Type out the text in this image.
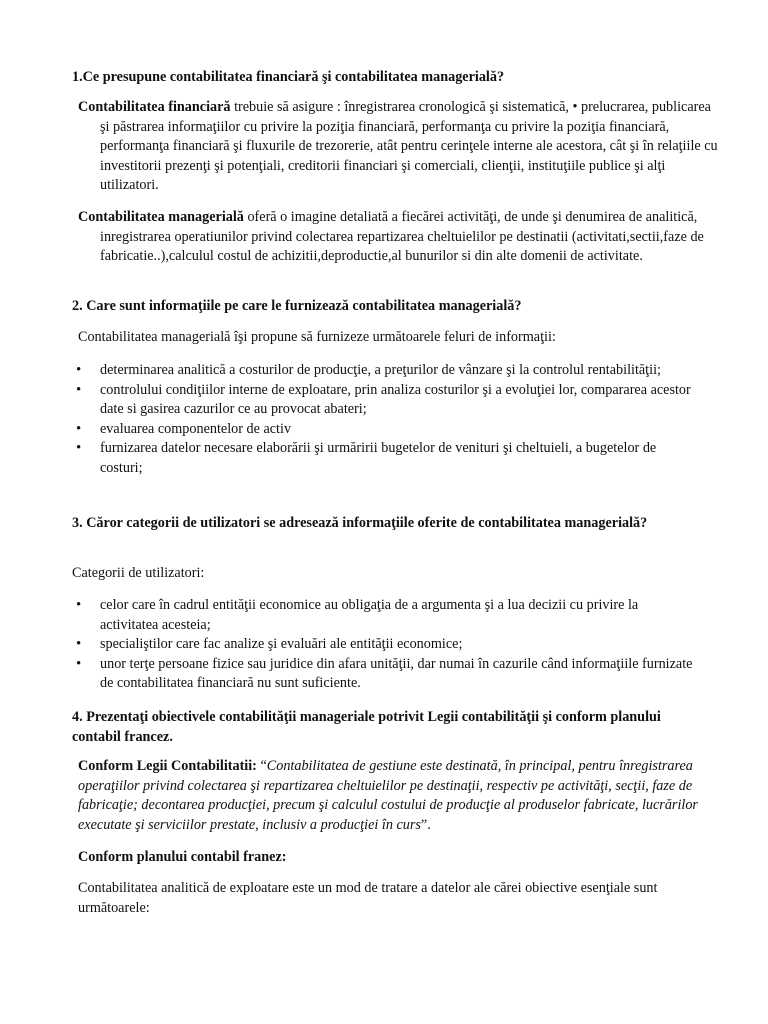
1.Ce presupune contabilitatea financiară şi contabilitatea managerială?
Contabilitatea financiară trebuie să asigure : înregistrarea cronologică şi sistematică, • prelucrarea, publicarea şi păstrarea informaţiilor cu privire la poziţia financiară, performanţa cu privire la poziţia financiară, performanţa financiară şi fluxurile de trezorerie, atât pentru cerinţele interne ale acestora, cât şi în relaţiile cu investitorii prezenţi şi potenţiali, creditorii financiari şi comerciali, clienţii, instituţiile publice şi alţi utilizatori.
Contabilitatea managerială oferă o imagine detaliată a fiecărei activităţi, de unde şi denumirea de analitică, inregistrarea operatiunilor privind colectarea repartizarea cheltuielilor pe destinatii (activitati,sectii,faze de fabricatie..),calculul costul de achizitii,deproductie,al bunurilor si din alte domenii de activitate.
2. Care sunt informaţiile pe care le furnizează contabilitatea managerială?
Contabilitatea managerială îşi propune să furnizeze următoarele feluri de informaţii:
• determinarea analitică a costurilor de producţie, a preţurilor de vânzare şi la controlul rentabilităţii;
• controlului condiţiilor interne de exploatare, prin analiza costurilor şi a evoluţiei lor, compararea acestor date si gasirea cazurilor ce au provocat abateri;
• evaluarea componentelor de activ
• furnizarea datelor necesare elaborării şi urmăririi bugetelor de venituri şi cheltuieli, a bugetelor de costuri;
3. Căror categorii de utilizatori se adresează informaţiile oferite de contabilitatea managerială?
Categorii de utilizatori:
• celor care în cadrul entităţii economice au obligaţia de a argumenta şi a lua decizii cu privire la activitatea acesteia;
• specialiştilor care fac analize şi evaluări ale entităţii economice;
• unor terţe persoane fizice sau juridice din afara unităţii, dar numai în cazurile când informaţiile furnizate de contabilitatea financiară nu sunt suficiente.
4. Prezentaţi obiectivele contabilităţii manageriale potrivit Legii contabilităţii şi conform planului contabil francez.
Conform Legii Contabilitatii: “Contabilitatea de gestiune este destinată, în principal, pentru înregistrarea operaţiilor privind colectarea şi repartizarea cheltuielilor pe destinaţii, respectiv pe activităţi, secţii, faze de fabricaţie; decontarea producţiei, precum şi calculul costului de producţie al produselor fabricate, lucrărilor executate şi serviciilor prestate, inclusiv a producţiei în curs”.
Conform planului contabil franez:
Contabilitatea analitică de exploatare este un mod de tratare a datelor ale cărei obiective esenţiale sunt următoarele:
